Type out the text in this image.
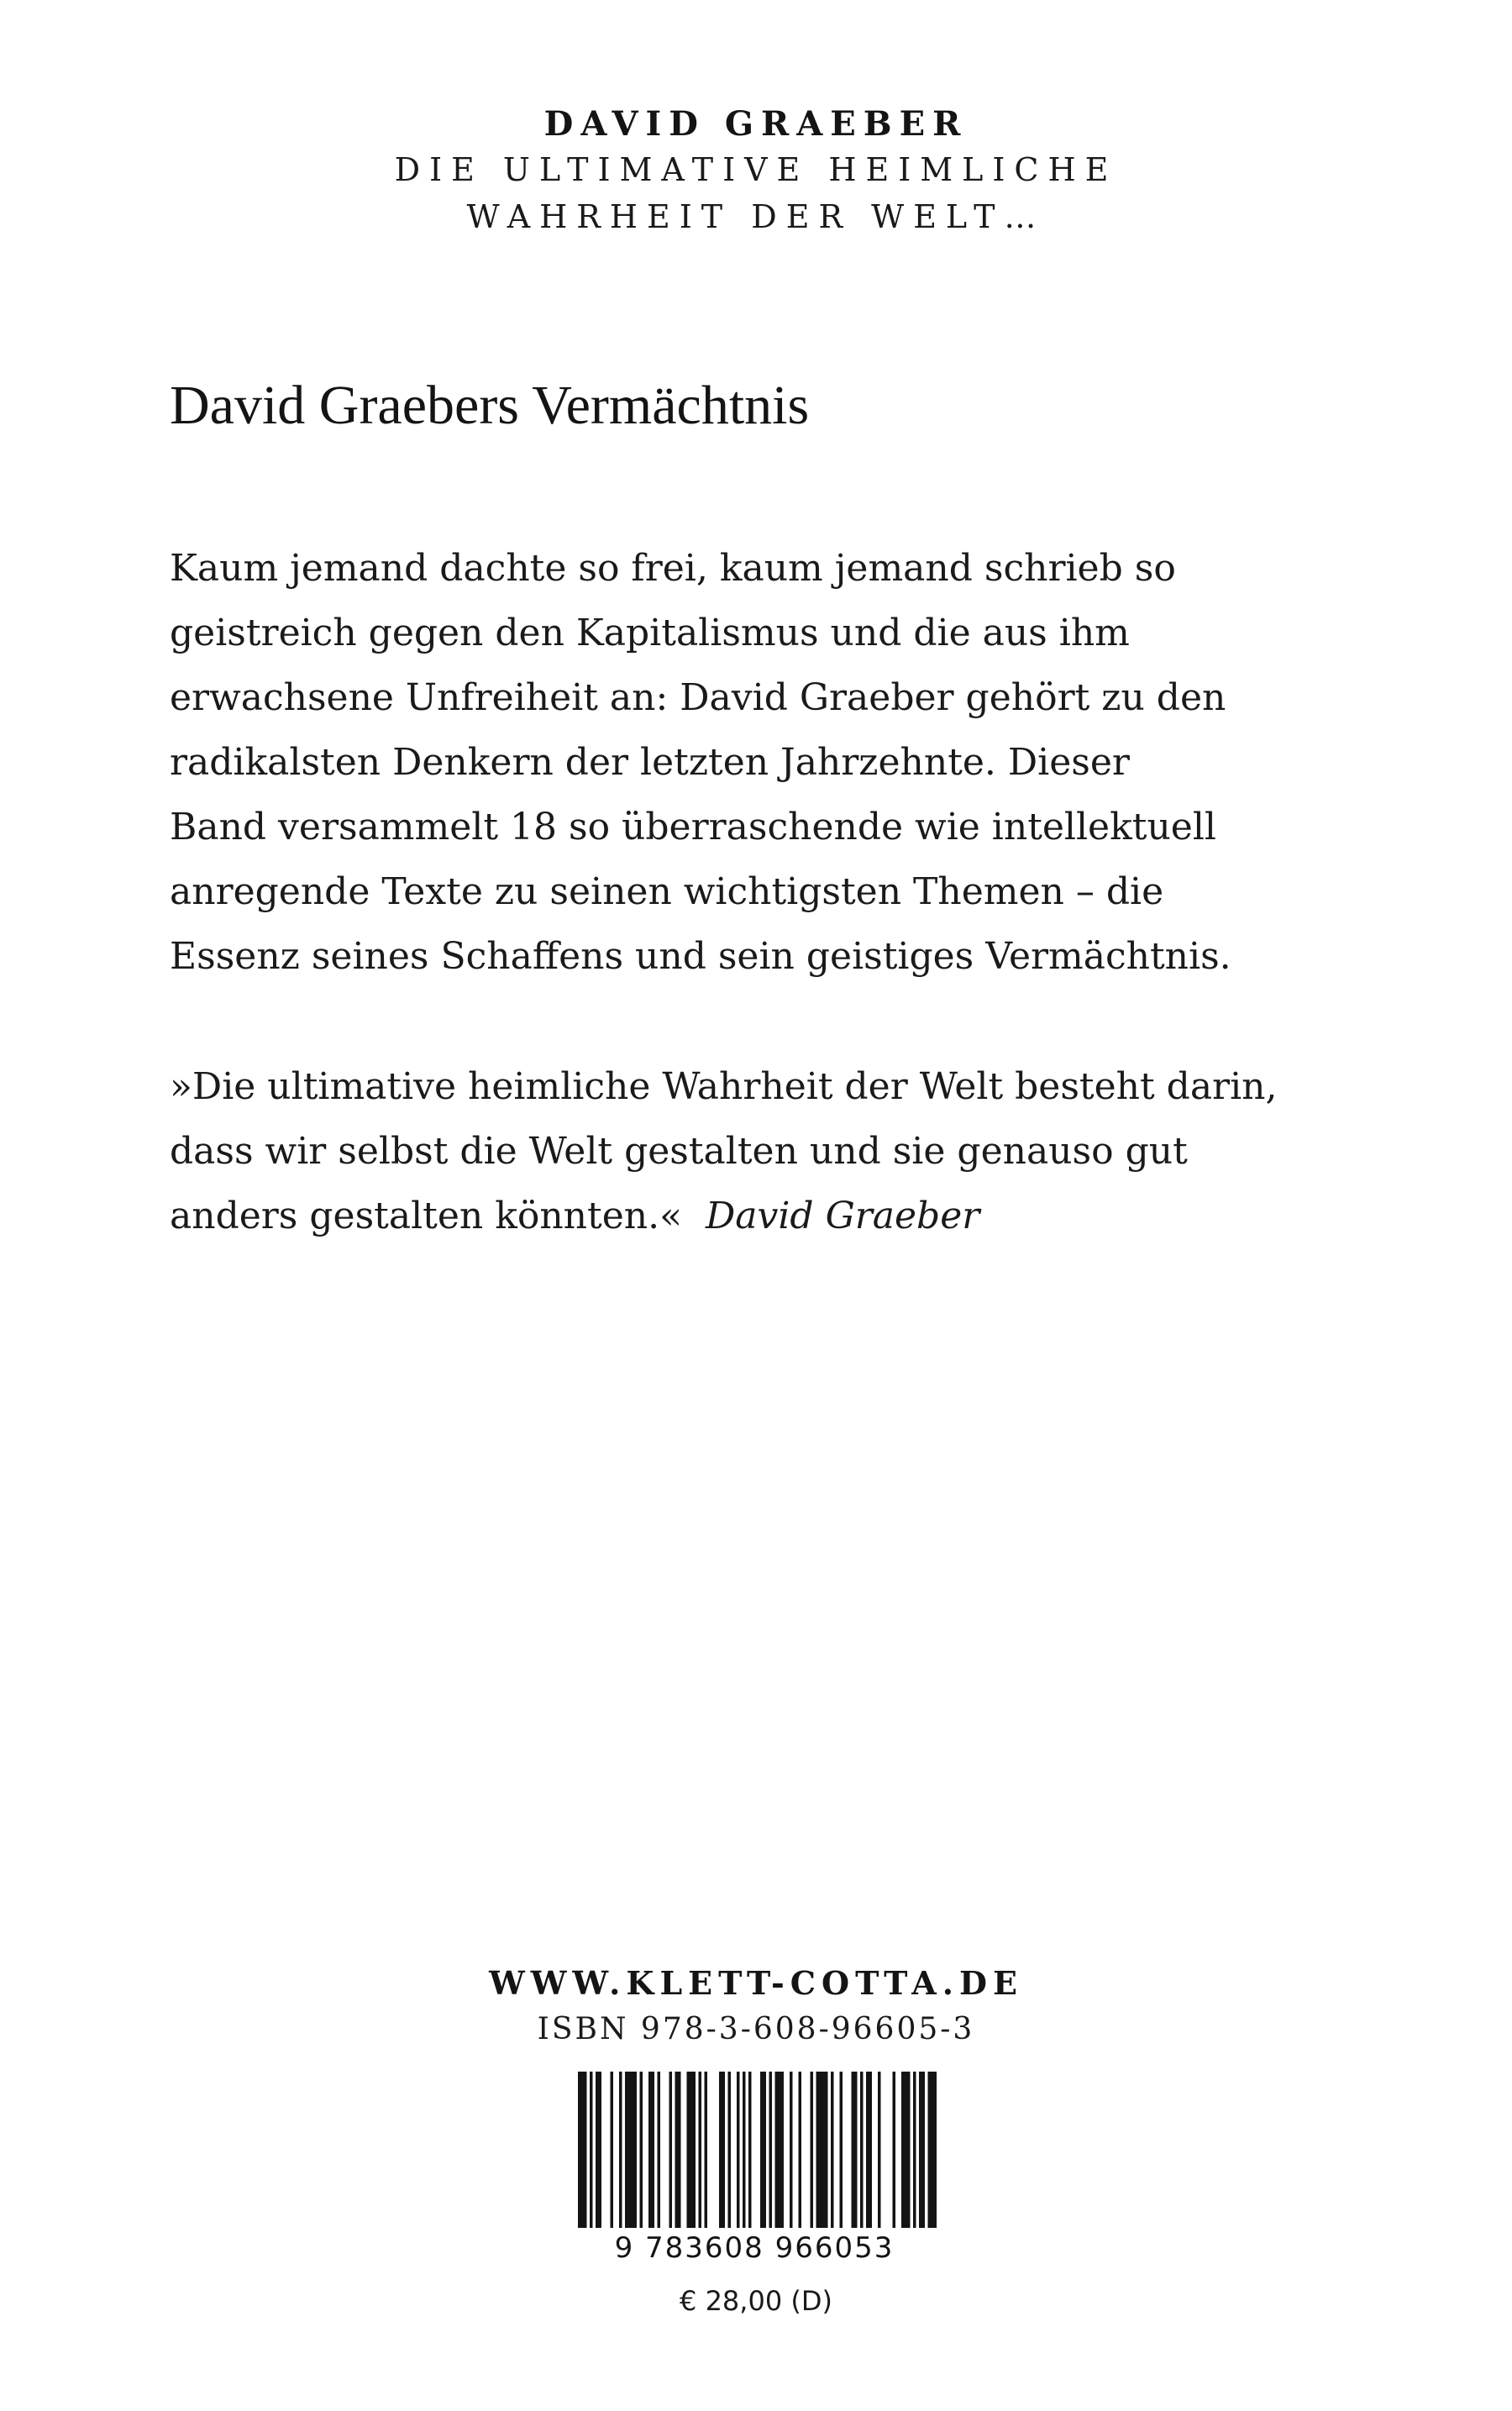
DAVID GRAEBER
DIE ULTIMATIVE HEIMLICHE
WAHRHEIT DER WELT…
David Graebers Vermächtnis
Kaum jemand dachte so frei, kaum jemand schrieb so
geistreich gegen den Kapitalismus und die aus ihm
erwachsene Unfreiheit an: David Graeber gehört zu den
radikalsten Denkern der letzten Jahrzehnte. Dieser
Band versammelt 18 so überraschende wie intellektuell
anregende Texte zu seinen wichtigsten Themen – die
Essenz seines Schaffens und sein geistiges Vermächtnis.
»Die ultimative heimliche Wahrheit der Welt besteht darin,
dass wir selbst die Welt gestalten und sie genauso gut
anders gestalten könnten.« David Graeber
WWW.KLETT-COTTA.DE
ISBN 978-3-608-96605-3
9 783608 966053
€ 28,00 (D)
